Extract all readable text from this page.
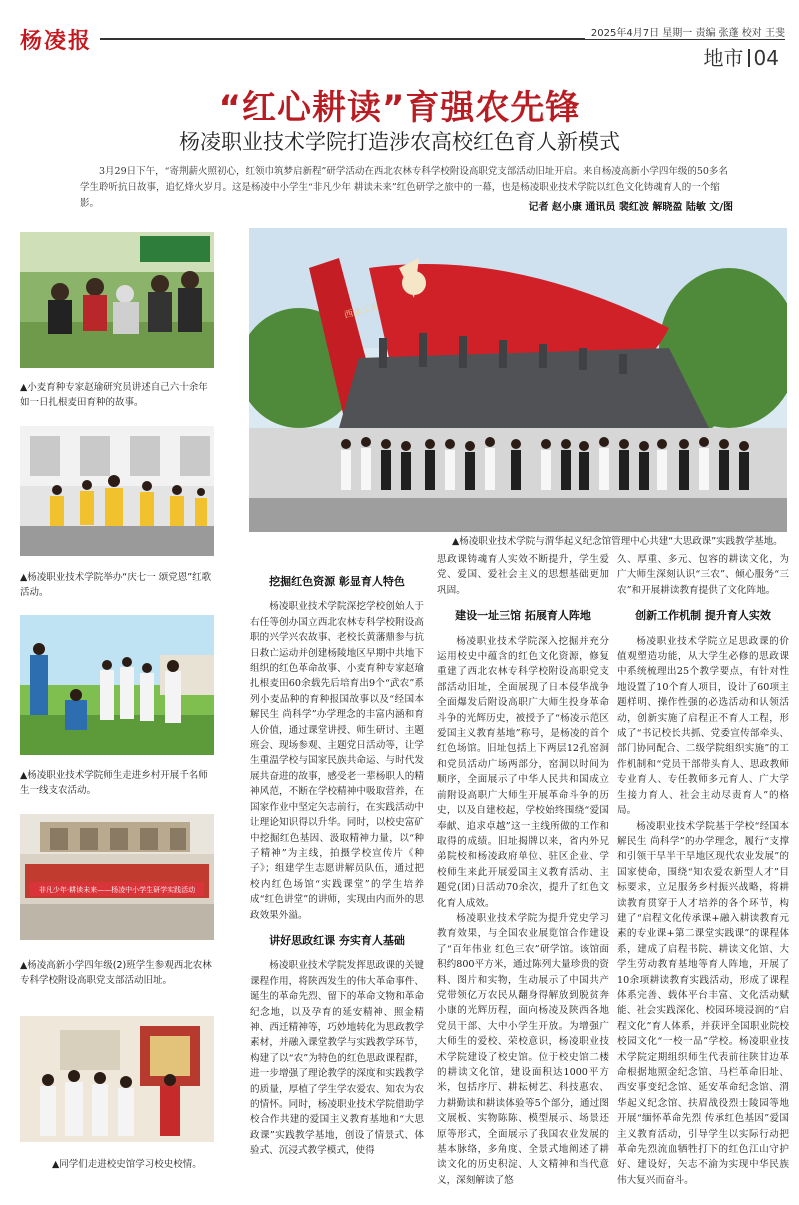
杨凌报	2025年4月7日 星期一 责编 张蓬 校对 王斐
地市 04
“红心耕读”育强农先锋
杨凌职业技术学院打造涉农高校红色育人新模式
3月29日下午，“寄荆薪火照初心，红领巾筑梦启新程”研学活动在西北农林专科学校附设高职党支部活动旧址开启。来自杨凌高新小学四年级的50多名学生聆听抗日故事，追忆烽火岁月。这是杨凌中小学生“非凡少年 耕读未来”红色研学之旅中的一幕，也是杨凌职业技术学院以红色文化铸魂育人的一个缩影。	记者 赵小康 通讯员 裴红波 解晓盈 陆敏 文/图
▲小麦育种专家赵瑜研究员讲述自己六十余年如一日扎根麦田育种的故事。
▲杨凌职业技术学院举办“庆七一 颂党恩”红歌活动。
▲杨凌职业技术学院师生走进乡村开展千名师生一线支农活动。
非凡少年·耕读未来——杨凌中小学生研学实践活动
▲杨凌高新小学四年级(2)班学生参观西北农林专科学校附设高职党支部活动旧址。
▲同学们走进校史馆学习校史校情。
▲杨凌职业技术学院与渭华起义纪念馆管理中心共建“大思政课”实践教学基地。
挖掘红色资源 彰显育人特色

杨凌职业技术学院深挖学校创始人于右任等创办国立西北农林专科学校附设高职的兴学兴农故事、老校长黄藩鼎参与抗日救亡运动并创建杨陵地区早期中共地下组织的红色革命故事、小麦育种专家赵瑜扎根麦田60余载先后培育出9个“武农”系列小麦品种的育种报国故事以及“经国本 解民生 尚科学”办学理念的丰富内涵和育人价值，通过课堂讲授、师生研讨、主题班会、现场参观、主题党日活动等，让学生重温学校与国家民族共命运、与时代发展共奋进的故事，感受老一辈杨职人的精神风范，不断在学校精神中吸取营养，在国家作业中坚定矢志前行，在实践活动中让理论知识得以升华。同时，以校史富矿中挖掘红色基因、汲取精神力量，以“种子精神”为主线，拍摄学校宣传片《种子》；组建学生志愿讲解员队伍，通过把校内红色场馆“实践课堂”的学生培养成“红色讲堂”的讲师，实现由内而外的思政效果外溢。

讲好思政红课 夯实育人基础

杨凌职业技术学院发挥思政课的关键课程作用，将陕西发生的伟大革命事件、诞生的革命先烈、留下的革命文物和革命纪念地，以及孕育的延安精神、照金精神、西迁精神等，巧妙地转化为思政教学素材，并融入课堂教学与实践教学环节，构建了以“农”为特色的红色思政课程群，进一步增强了理论教学的深度和实践教学的质量，厚植了学生学农爱农、知农为农的情怀。同时，杨凌职业技术学院借助学校合作共建的爱国主义教育基地和“大思政课”实践教学基地，创设了情景式、体验式、沉浸式教学模式，使得

思政课铸魂育人实效不断提升，学生爱党、爱国、爱社会主义的思想基础更加巩固。

建设一址三馆 拓展育人阵地

杨凌职业技术学院深入挖掘并充分运用校史中蕴含的红色文化资源，修复重建了西北农林专科学校附设高职党支部活动旧址，全面展现了日本侵华战争全面爆发后附设高职广大师生投身革命斗争的光辉历史，被授予了“杨凌示范区爱国主义教育基地”称号，是杨凌的首个红色场馆。旧址包括上下两层12孔窑洞和党员活动广场两部分，窑洞以时间为顺序，全面展示了中华人民共和国成立前附设高职广大师生开展革命斗争的历史，以及自建校起，学校始终围绕“爱国奉献、追求卓越”这一主线所做的工作和取得的成绩。旧址揭牌以来，省内外兄弟院校和杨凌政府单位、驻区企业、学校师生来此开展爱国主义教育活动、主题党(团)日活动70余次，提升了红色文化育人成效。

杨凌职业技术学院为提升党史学习教育效果，与全国农业展览馆合作建设了“百年伟业 红色三农”研学馆。该馆面积约800平方米，通过陈列大量珍贵的资料、图片和实物，生动展示了中国共产党带领亿万农民从翻身得解放到脱贫奔小康的光辉历程，面向杨凌及陕西各地党员干部、大中小学生开放。为增强广大师生的爱校、荣校意识，杨凌职业技术学院建设了校史馆。位于校史馆二楼的耕读文化馆，建设面积达1000平方米，包括序厅、耕耘树艺、科技惠农、力耕勤读和耕读体验等5个部分，通过图文展板、实物陈陈、模型展示、场景还原等形式，全面展示了我国农业发展的基本脉络，多角度、全景式地阐述了耕读文化的历史积淀、人文精神和当代意义，深刻解读了悠

久、厚重、多元、包容的耕读文化，为广大师生深刻认识“三农”、倾心服务“三农”和开展耕读教育提供了文化阵地。

创新工作机制 提升育人实效

杨凌职业技术学院立足思政课的价值观塑造功能，从大学生必修的思政课中系统梳理出25个教学要点，有针对性地设置了10个育人项目，设计了60项主题样明、操作性强的必选活动和认领活动，创新实施了启程正不育人工程，形成了“书记校长共抓、党委宣传部牵头、部门协同配合、二级学院组织实施”的工作机制和“党员干部带头育人、思政教师专业育人、专任教师多元育人、广大学生接力育人、社会主动尽责育人”的格局。

杨凌职业技术学院基于学校“经国本 解民生 尚科学”的办学理念，履行“支撑和引领干旱半干旱地区现代农业发展”的国家使命，围绕“知农爱农新型人才”目标要求，立足服务乡村振兴战略，将耕读教育贯穿于人才培养的各个环节，构建了“启程文化传承课+融入耕读教育元素的专业课+第二课堂实践课”的课程体系，建成了启程书院、耕读文化馆、大学生劳动教育基地等育人阵地，开展了10余项耕读教育实践活动，形成了课程体系完善、载体平台丰富、文化活动赋能、社会实践深化、校园环境浸润的“启程文化”育人体系，并获评全国职业院校校园文化“一校一品”学校。杨凌职业技术学院定期组织师生代表前往陕甘边革命根据地照金纪念馆、马栏革命旧址、西安事变纪念馆、延安革命纪念馆、渭华起义纪念馆、扶眉战役烈士陵园等地开展“缅怀革命先烈 传承红色基因”爱国主义教育活动，引导学生以实际行动把革命先烈流血牺牲打下的红色江山守护好、建设好，矢志不渝为实现中华民族伟大复兴而奋斗。
